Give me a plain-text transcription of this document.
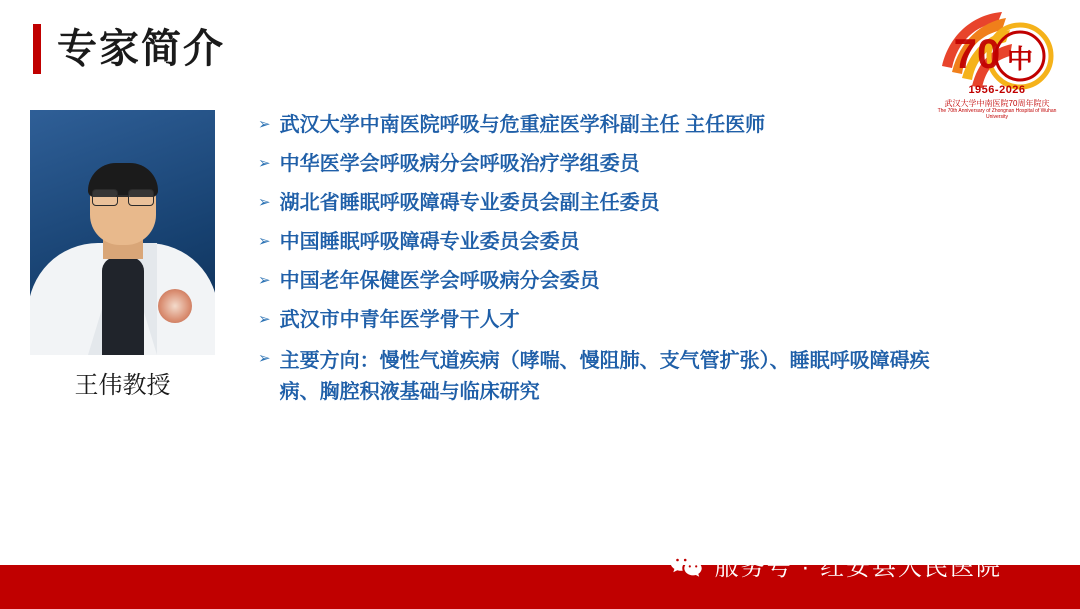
专家简介	中
70
1956-2026
武汉大学中南医院70周年院庆
The 70th Anniversary of Zhongnan Hospital of Wuhan University
王伟教授
➢ 武汉大学中南医院呼吸与危重症医学科副主任 主任医师
➢ 中华医学会呼吸病分会呼吸治疗学组委员
➢ 湖北省睡眠呼吸障碍专业委员会副主任委员
➢ 中国睡眠呼吸障碍专业委员会委员
➢ 中国老年保健医学会呼吸病分会委员
➢ 武汉市中青年医学骨干人才
➢ 主要方向：慢性气道疾病（哮喘、慢阻肺、支气管扩张）、睡眠呼吸障碍疾病、胸腔积液基础与临床研究
服务号 · 红安县人民医院
